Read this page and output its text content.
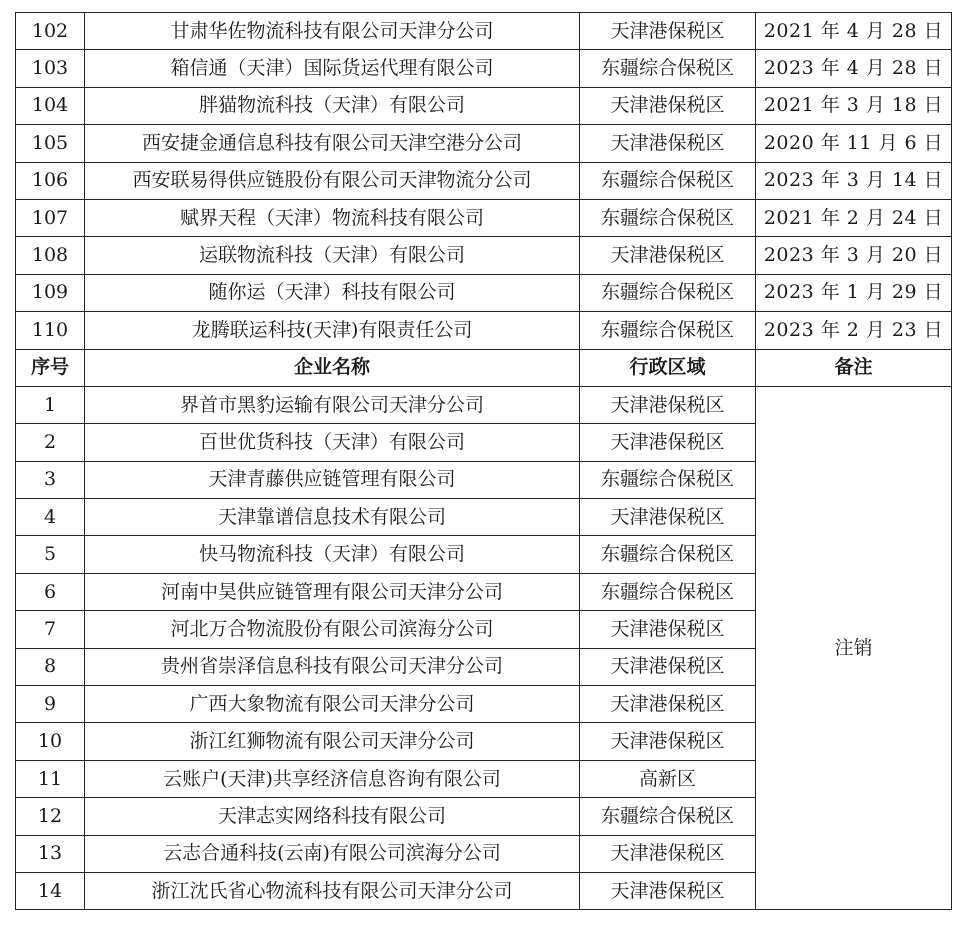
102	甘肃华佐物流科技有限公司天津分公司	天津港保税区	2021 年 4 月 28 日
103	箱信通（天津）国际货运代理有限公司	东疆综合保税区	2023 年 4 月 28 日
104	胖猫物流科技（天津）有限公司	天津港保税区	2021 年 3 月 18 日
105	西安捷金通信息科技有限公司天津空港分公司	天津港保税区	2020 年 11 月 6 日
106	西安联易得供应链股份有限公司天津物流分公司	东疆综合保税区	2023 年 3 月 14 日
107	赋界天程（天津）物流科技有限公司	东疆综合保税区	2021 年 2 月 24 日
108	运联物流科技（天津）有限公司	天津港保税区	2023 年 3 月 20 日
109	随你运（天津）科技有限公司	东疆综合保税区	2023 年 1 月 29 日
110	龙腾联运科技(天津)有限责任公司	东疆综合保税区	2023 年 2 月 23 日
序号	企业名称	行政区域	备注
1	界首市黑豹运输有限公司天津分公司	天津港保税区	注销
2	百世优货科技（天津）有限公司	天津港保税区	
3	天津青藤供应链管理有限公司	东疆综合保税区	
4	天津靠谱信息技术有限公司	天津港保税区	
5	快马物流科技（天津）有限公司	东疆综合保税区	
6	河南中昊供应链管理有限公司天津分公司	东疆综合保税区	
7	河北万合物流股份有限公司滨海分公司	天津港保税区	
8	贵州省崇泽信息科技有限公司天津分公司	天津港保税区	
9	广西大象物流有限公司天津分公司	天津港保税区	
10	浙江红狮物流有限公司天津分公司	天津港保税区	
11	云账户(天津)共享经济信息咨询有限公司	高新区	
12	天津志实网络科技有限公司	东疆综合保税区	
13	云志合通科技(云南)有限公司滨海分公司	天津港保税区	
14	浙江沈氏省心物流科技有限公司天津分公司	天津港保税区	
